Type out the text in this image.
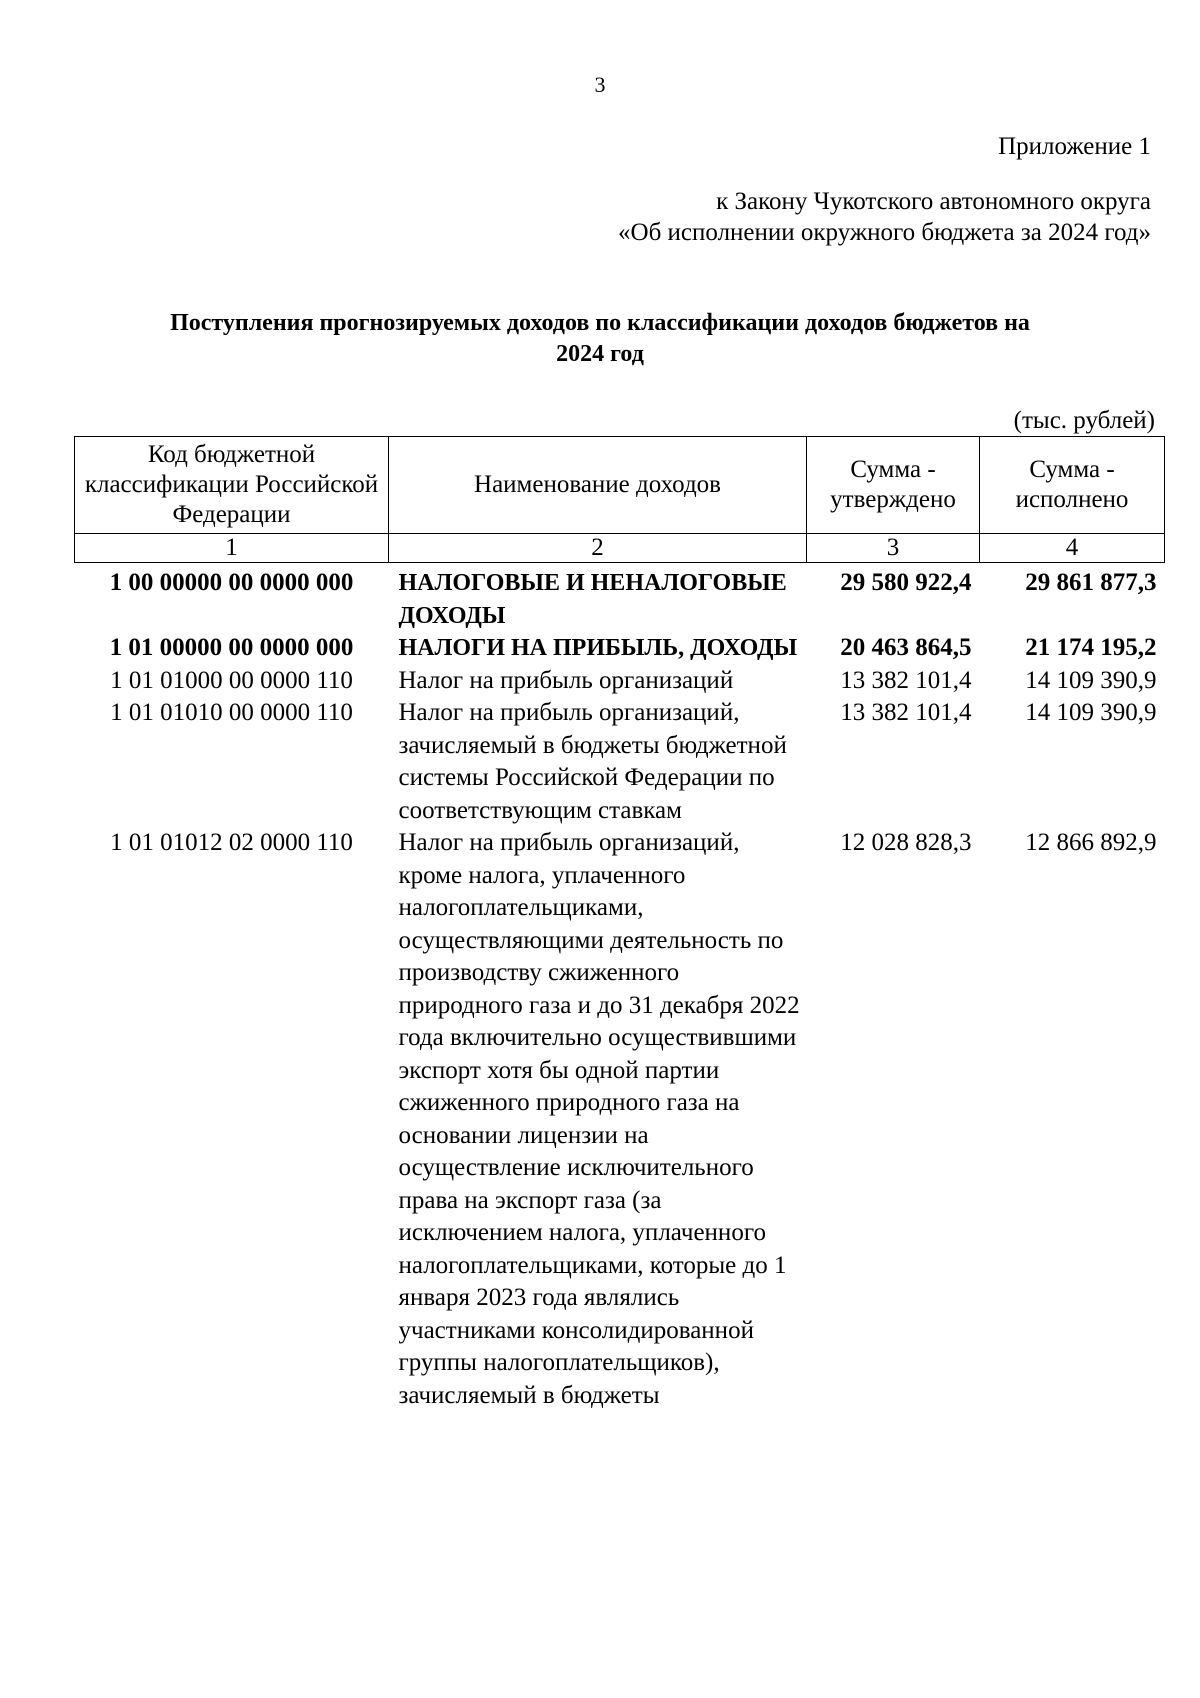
3
Приложение 1
к Закону Чукотского автономного округа
«Об исполнении окружного бюджета за 2024 год»
Поступления прогнозируемых доходов по классификации доходов бюджетов на
2024 год
(тыс. рублей)
Код бюджетной классификации Российской Федерации	Наименование доходов	Сумма - утверждено	Сумма - исполнено
1	2	3	4
1 00 00000 00 0000 000	НАЛОГОВЫЕ И НЕНАЛОГОВЫЕ ДОХОДЫ	29 580 922,4	29 861 877,3
1 01 00000 00 0000 000	НАЛОГИ НА ПРИБЫЛЬ, ДОХОДЫ	20 463 864,5	21 174 195,2
1 01 01000 00 0000 110	Налог на прибыль организаций	13 382 101,4	14 109 390,9
1 01 01010 00 0000 110	Налог на прибыль организаций, зачисляемый в бюджеты бюджетной системы Российской Федерации по соответствующим ставкам	13 382 101,4	14 109 390,9
1 01 01012 02 0000 110	Налог на прибыль организаций, кроме налога, уплаченного налогоплательщиками, осуществляющими деятельность по производству сжиженного природного газа и до 31 декабря 2022 года включительно осуществившими экспорт хотя бы одной партии сжиженного природного газа на основании лицензии на осуществление исключительного права на экспорт газа (за исключением налога, уплаченного налогоплательщиками, которые до 1 января 2023 года являлись участниками консолидированной группы налогоплательщиков), зачисляемый в бюджеты	12 028 828,3	12 866 892,9
